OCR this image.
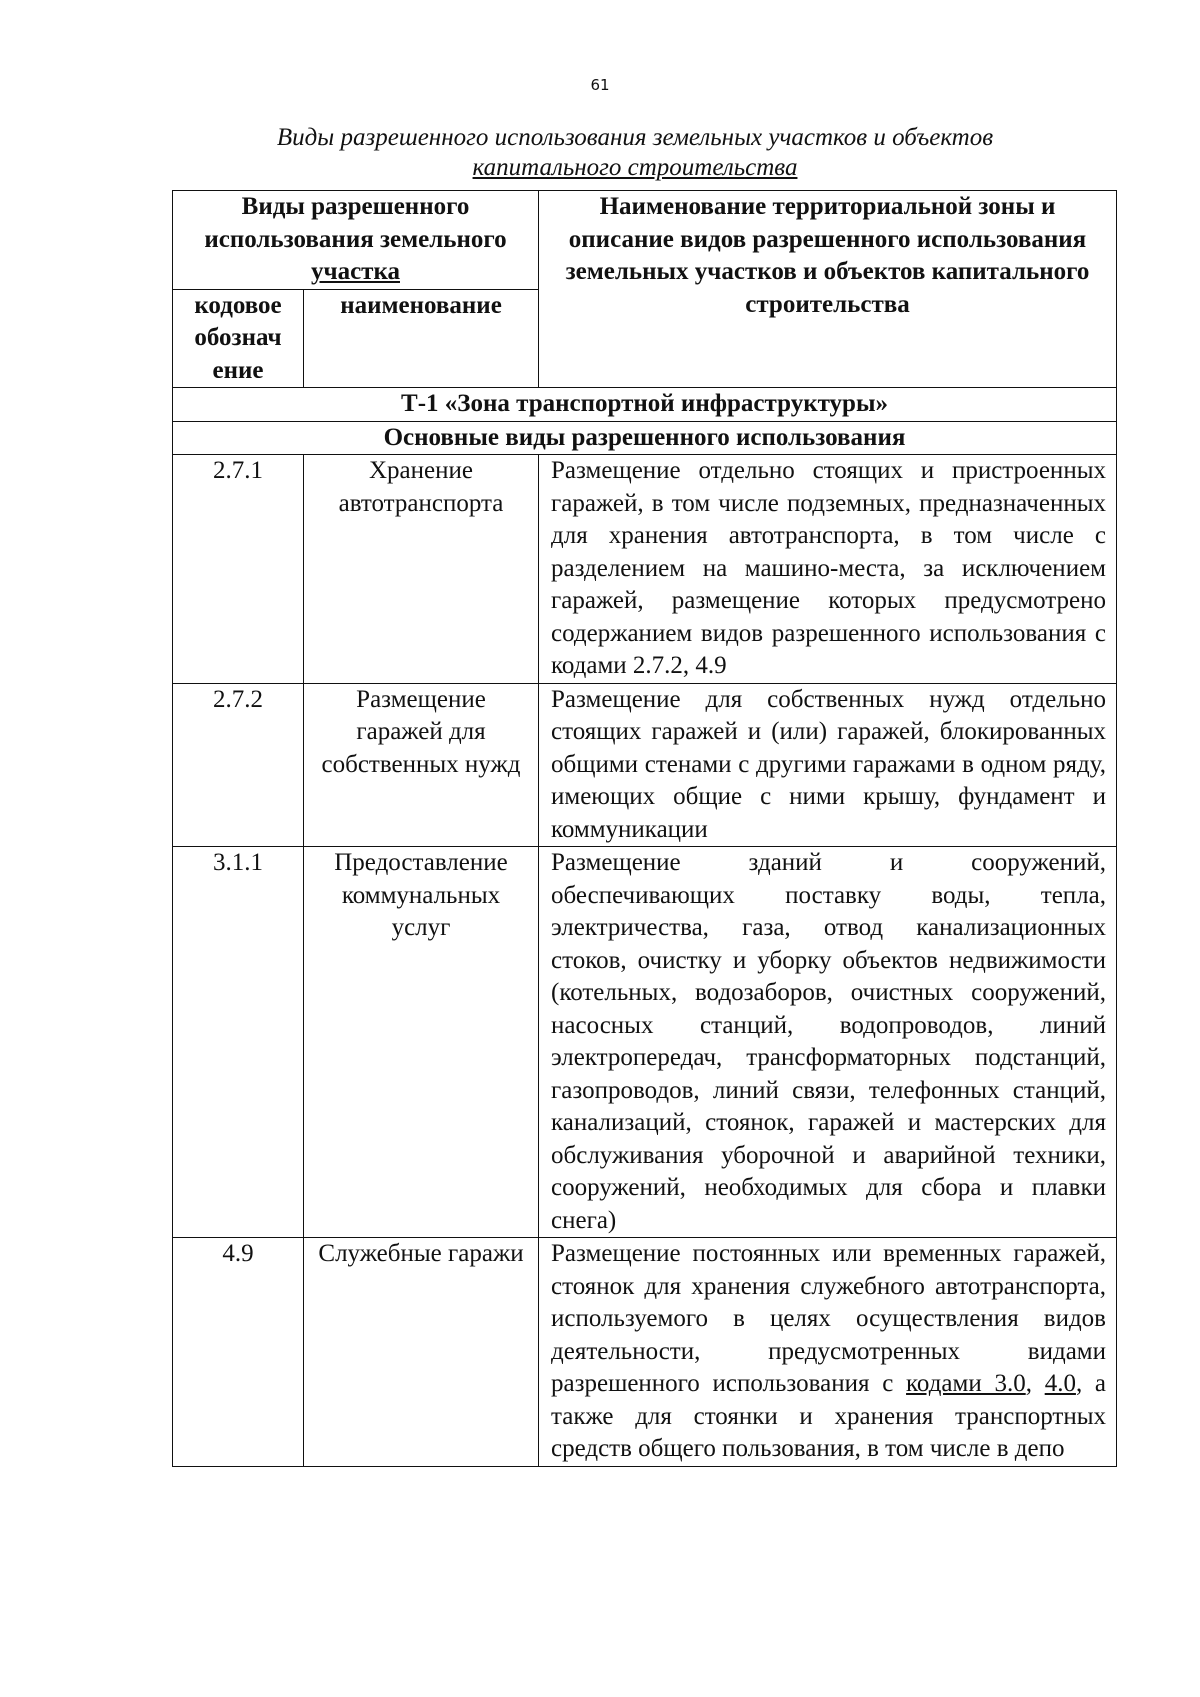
61
Виды разрешенного использования земельных участков и объектов
капитального строительства
Виды разрешенного использования земельного
участка		Наименование территориальной зоны и описание видов разрешенного использования земельных участков и объектов капитального строительства
кодовое обознач ение	наименование	
Т-1 «Зона транспортной инфраструктуры»		
Основные виды разрешенного использования		
2.7.1	Хранение автотранспорта	Размещение отдельно стоящих и пристроенных гаражей, в том числе подземных, предназначенных для хранения автотранспорта, в том числе с разделением на машино-места, за исключением гаражей, размещение которых предусмотрено содержанием видов разрешенного использования с кодами 2.7.2, 4.9
2.7.2	Размещение гаражей для собственных нужд	Размещение для собственных нужд отдельно стоящих гаражей и (или) гаражей, блокированных общими стенами с другими гаражами в одном ряду, имеющих общие с ними крышу, фундамент и коммуникации
3.1.1	Предоставление коммунальных услуг	Размещение зданий и сооружений, обеспечивающих поставку воды, тепла, электричества, газа, отвод канализационных стоков, очистку и уборку объектов недвижимости (котельных, водозаборов, очистных сооружений, насосных станций, водопроводов, линий электропередач, трансформаторных подстанций, газопроводов, линий связи, телефонных станций, канализаций, стоянок, гаражей и мастерских для обслуживания уборочной и аварийной техники, сооружений, необходимых для сбора и плавки снега)
4.9	Служебные гаражи	Размещение постоянных или временных гаражей, стоянок для хранения служебного автотранспорта, используемого в целях осуществления видов деятельности, предусмотренных видами разрешенного использования с кодами 3.0, 4.0, а также для стоянки и хранения транспортных средств общего пользования, в том числе в депо
